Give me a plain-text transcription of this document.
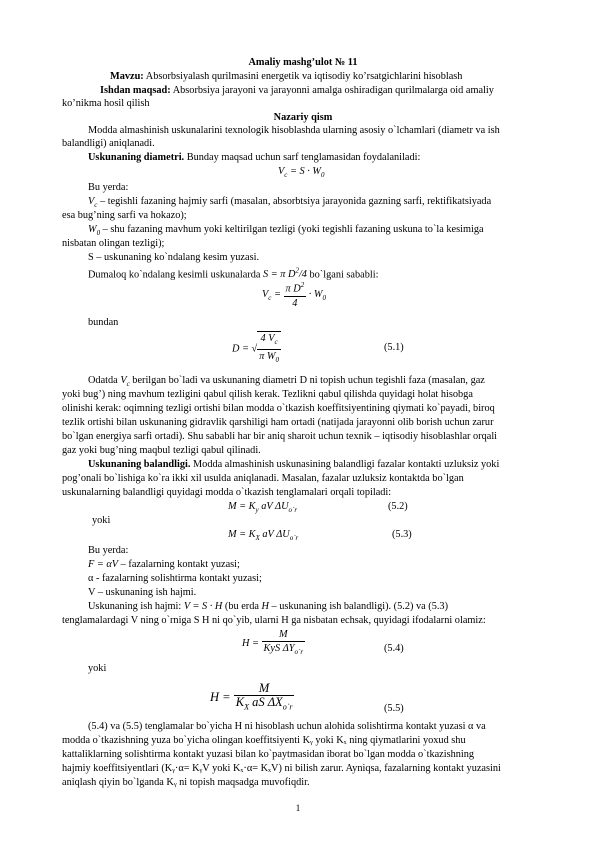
Amaliy mashg’ulot № 11
Mavzu: Absorbsiyalash qurilmasini energetik va iqtisodiy ko’rsatgichlarini hisoblash
Ishdan maqsad: Absorbsiya jarayoni va jarayonni amalga oshiradigan qurilmalarga oid amaliy
ko’nikma hosil qilish
Nazariy qism
Modda almashinish uskunalarini texnologik hisoblashda ularning asosiy o`lchamlari (diametr va ish
balandligi) aniqlanadi.
Uskunaning diametri. Bunday maqsad uchun sarf tenglamasidan foydalaniladi:
$V_c = S \cdot W_0$
Bu yerda:
$V_c$ – tegishli fazaning hajmiy sarfi (masalan, absorbtsiya jarayonida gazning sarfi, rektifikatsiyada
esa bug’ning sarfi va hokazo);
$W_0$ – shu fazaning mavhum yoki keltirilgan tezligi (yoki tegishli fazaning uskuna to`la kesimiga
nisbatan olingan tezligi);
S – uskunaning ko`ndalang kesim yuzasi.
Dumaloq ko`ndalang kesimli uskunalarda S = π $D^2/4$ bo`lgani sababli:
$V_c = \frac{\pi D^2}{4} \cdot W_0$
bundan
D = √ $\frac{4 V_c}{\pi W_0}$	(5.1)
Odatda $V_c$ berilgan bo`ladi va uskunaning diametri D ni topish uchun tegishli faza (masalan, gaz
yoki bug’) ning mavhum tezligini qabul qilish kerak. Tezlikni qabul qilishda quyidagi holat hisobga
olinishi kerak: oqimning tezligi ortishi bilan modda o`tkazish koeffitsiyentining qiymati ko`payadi, biroq
tezlik ortishi bilan uskunaning gidravlik qarshiligi ham ortadi (natijada jarayonni olib borish uchun zarur
bo`lgan energiya sarfi ortadi). Shu sababli har bir aniq sharoit uchun texnik – iqtisodiy hisoblashlar orqali
gaz yoki bug’ning maqbul tezligi qabul qilinadi.
Uskunaning balandligi. Modda almashinish uskunasining balandligi fazalar kontakti uzluksiz yoki
pog’onali bo`lishiga ko`ra ikki xil usulda aniqlanadi. Masalan, fazalar uzluksiz kontaktda bo`lgan
uskunalarning balandligi quyidagi modda o`tkazish tenglamalari orqali topiladi:
$M = K_y$ aV $\Delta U_{o`r}$	(5.2)
yoki
$M = K_X$ aV $\Delta U_{o`r}$	(5.3)
Bu yerda:
F = αV – fazalarning kontakt yuzasi;
α - fazalarning solishtirma kontakt yuzasi;
V – uskunaning ish hajmi.
Uskunaning ish hajmi: V = S · H (bu erda H – uskunaning ish balandligi). (5.2) va (5.3)
tenglamalardagi V ning o`rniga S H ni qo`yib, ularni H ga nisbatan echsak, quyidagi ifodalarni olamiz:
$H = \frac{M}{KyS \Delta Y_{o`r}}$	(5.4)
yoki
$H = \frac{M}{K_X aS \Delta X_{o`r}}$	(5.5)
(5.4) va (5.5) tenglamalar bo`yicha H ni hisoblash uchun alohida solishtirma kontakt yuzasi α va
modda o`tkazishning yuza bo`yicha olingan koeffitsiyenti Kᵧ yoki Kₓ ning qiymatlarini yoxud shu
kattaliklarning solishtirma kontakt yuzasi bilan ko`paytmasidan iborat bo`lgan modda o`tkazishning
hajmiy koeffitsiyentlari (Kᵧ·α= KᵧV yoki Kₓ·α= KₓV) ni bilish zarur. Ayniqsa, fazalarning kontakt yuzasini
aniqlash qiyin bo`lganda Kᵧ ni topish maqsadga muvofiqdir.
1
